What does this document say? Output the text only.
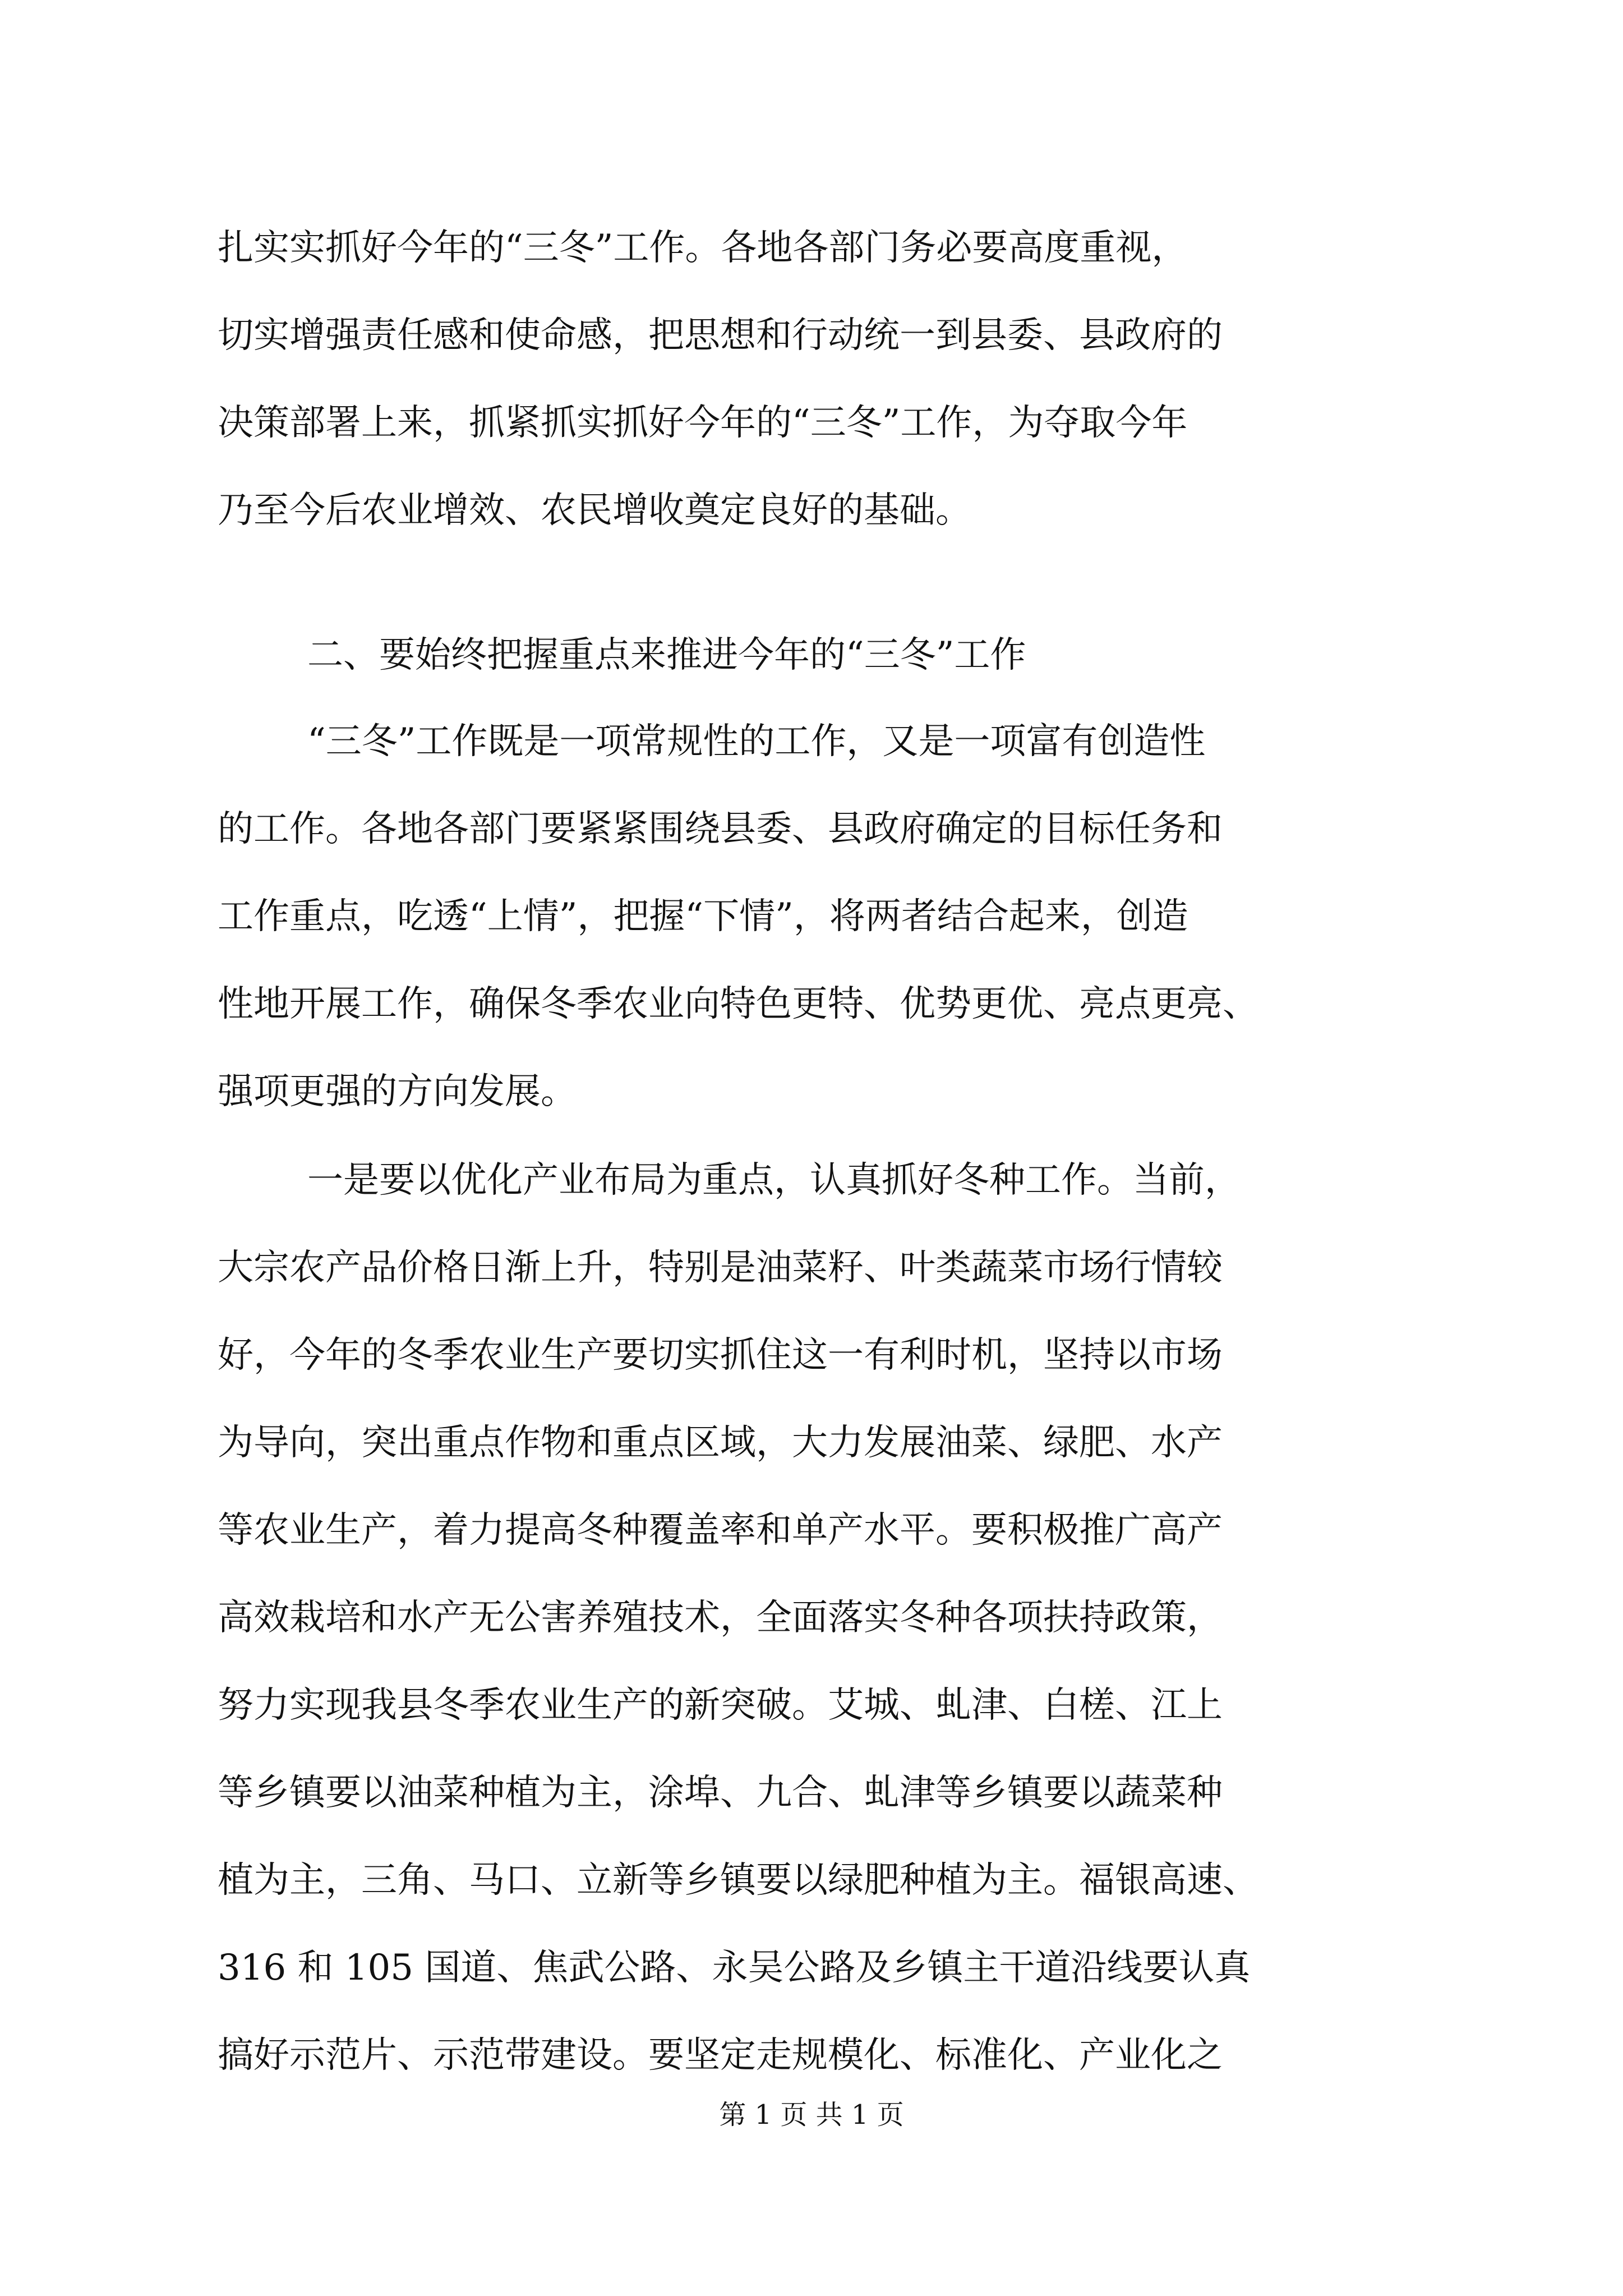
扎实实抓好今年的“三冬”工作。各地各部门务必要高度重视，
切实增强责任感和使命感，把思想和行动统一到县委、县政府的
决策部署上来，抓紧抓实抓好今年的“三冬”工作，为夺取今年
乃至今后农业增效、农民增收奠定良好的基础。
二、要始终把握重点来推进今年的“三冬”工作
“三冬”工作既是一项常规性的工作，又是一项富有创造性
的工作。各地各部门要紧紧围绕县委、县政府确定的目标任务和
工作重点，吃透“上情”，把握“下情”，将两者结合起来，创造
性地开展工作，确保冬季农业向特色更特、优势更优、亮点更亮、
强项更强的方向发展。
一是要以优化产业布局为重点，认真抓好冬种工作。当前，
大宗农产品价格日渐上升，特别是油菜籽、叶类蔬菜市场行情较
好，今年的冬季农业生产要切实抓住这一有利时机，坚持以市场
为导向，突出重点作物和重点区域，大力发展油菜、绿肥、水产
等农业生产，着力提高冬种覆盖率和单产水平。要积极推广高产
高效栽培和水产无公害养殖技术，全面落实冬种各项扶持政策，
努力实现我县冬季农业生产的新突破。艾城、虬津、白槎、江上
等乡镇要以油菜种植为主，涂埠、九合、虬津等乡镇要以蔬菜种
植为主，三角、马口、立新等乡镇要以绿肥种植为主。福银高速、
316 和 105 国道、焦武公路、永吴公路及乡镇主干道沿线要认真
搞好示范片、示范带建设。要坚定走规模化、标准化、产业化之
第 1 页 共 1 页
